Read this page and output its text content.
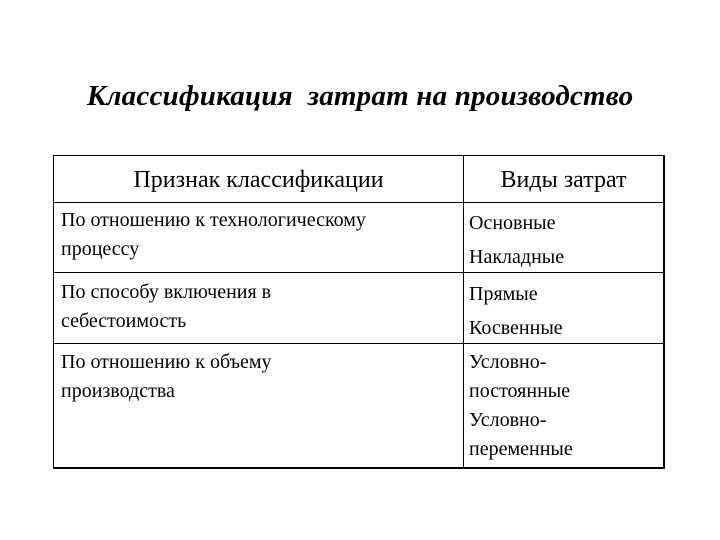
Классификация  затрат на производство
Признак классификации	Виды затрат
По отношению к технологическому
процессу
Основные
Накладные
По способу включения в
себестоимость
Прямые
Косвенные
По отношению к объему
производства
Условно-
постоянные
Условно-
переменные
